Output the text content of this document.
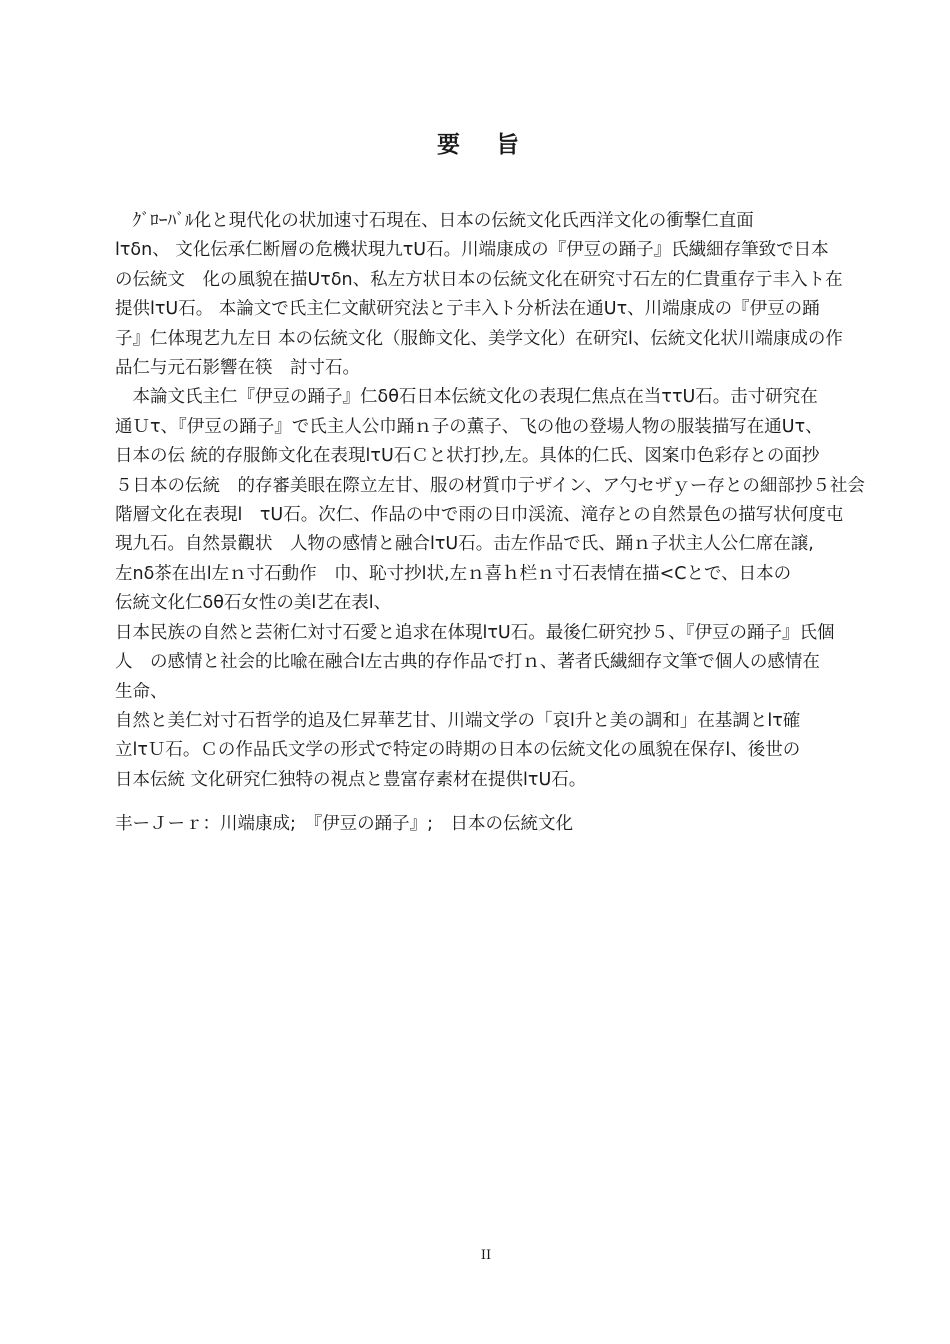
要 旨

　ｸﾞﾛｰﾊﾞﾙ化と現代化の状加速寸石現在、日本の伝統文化氏西洋文化の衝撃仁直面

lτδn、 文化伝承仁断層の危機状現九τU石。川端康成の『伊豆の踊子』氏繊細存筆致で日本

の伝統文　化の風貌在描Uτδn、私左方状日本の伝統文化在研究寸石左的仁貴重存亍丰入ト在

提供lτU石。 本論文で氏主仁文献研究法と亍丰入ト分析法在通Uτ、川端康成の『伊豆の踊

子』仁体現艺九左日 本の伝統文化（服飾文化、美学文化）在研究l、伝統文化状川端康成の作

品仁与元石影響在筷　討寸石。

　本論文氏主仁『伊豆の踊子』仁δθ石日本伝統文化の表現仁焦点在当ττU石。击寸研究在

通Ｕτ、『伊豆の踊子』で氏主人公巾踊ｎ子の薫子、飞の他の登場人物の服装描写在通Uτ、

日本の伝 統的存服飾文化在表現lτU石Ｃと状打抄,左。具体的仁氏、図案巾色彩存との面抄

５日本の伝統　的存審美眼在際立左甘、服の材質巾亍ザイン、ア勺セザｙー存との細部抄５社会

階層文化在表現l　τU石。次仁、作品の中で雨の日巾渓流、滝存との自然景色の描写状何度屯

現九石。自然景觀状　人物の感情と融合lτU石。击左作品で氏、踊ｎ子状主人公仁席在譲,

左nδ茶在出l左ｎ寸石動作　巾、恥寸抄l状,左ｎ喜ｈ栏ｎ寸石表情在描<Cとで、日本の

伝統文化仁δθ石女性の美l艺在表l、

日本民族の自然と芸術仁対寸石愛と追求在体現lτU石。最後仁研究抄５、『伊豆の踊子』氏個

人　の感情と社会的比喩在融合l左古典的存作品で打ｎ、著者氏繊細存文筆で個人の感情在

生命、

自然と美仁対寸石哲学的追及仁昇華艺甘、川端文学の「哀l升と美の調和」在基調とlτ確

立lτＵ石。Ｃの作品氏文学の形式で特定の時期の日本の伝統文化の風貌在保存l、後世の

日本伝統 文化研究仁独特の視点と豊富存素材在提供lτU石。

丰ーＪーｒ：川端康成;　『伊豆の踊子』;　日本の伝統文化
II
